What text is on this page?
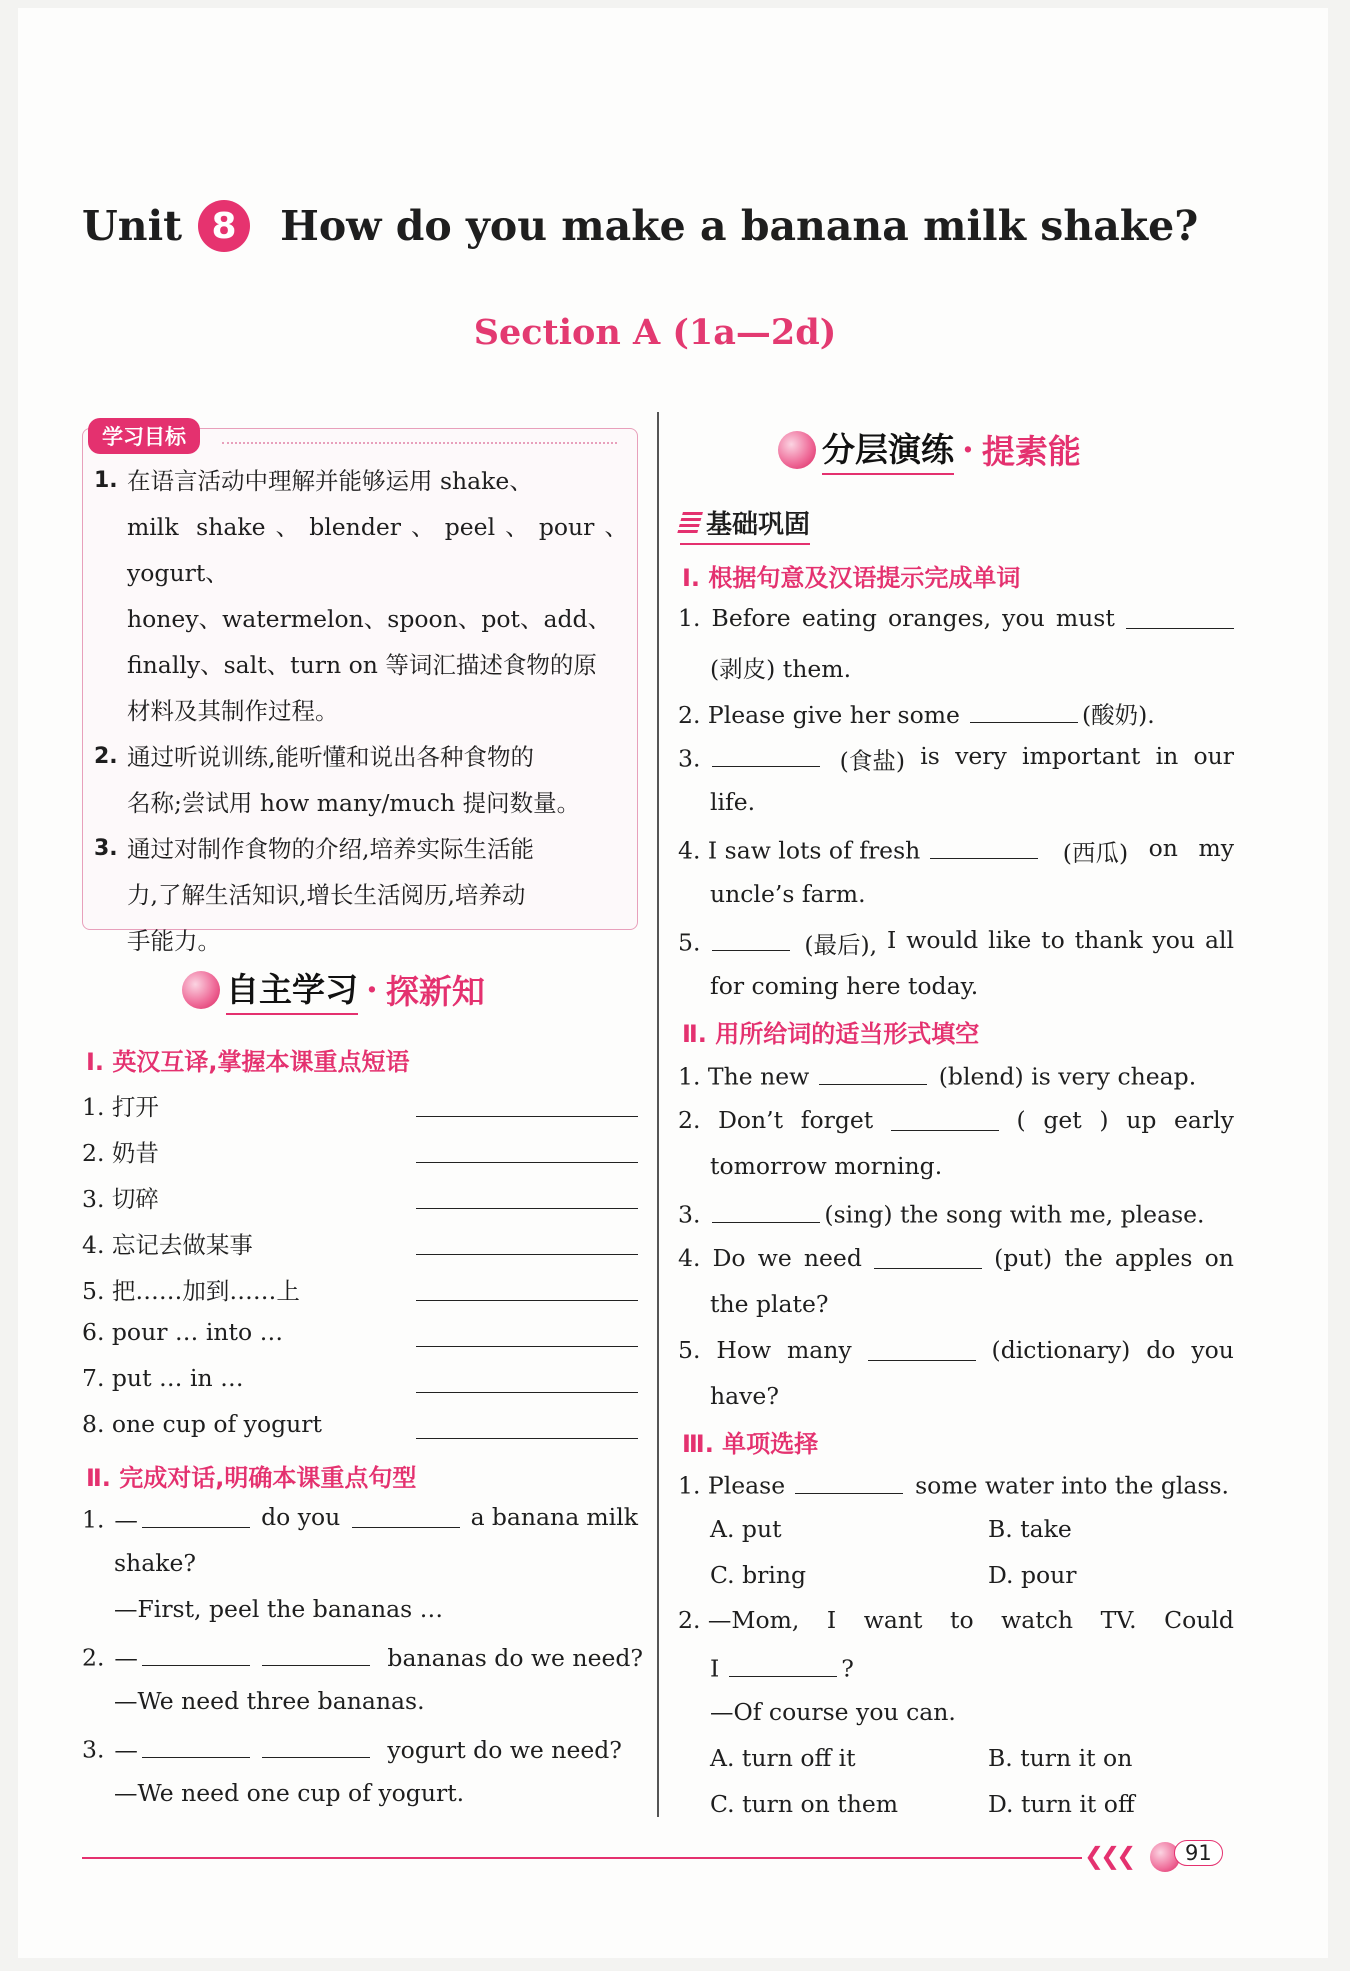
Unit 8	How do you make a banana milk shake?
Section A (1a—2d)
学习目标
1. 在语言活动中理解并能够运用 shake、
milk shake、blender、peel、pour、yogurt、
honey、watermelon、spoon、pot、add、
finally、salt、turn on 等词汇描述食物的原
材料及其制作过程。
2. 通过听说训练,能听懂和说出各种食物的
名称;尝试用 how many/much 提问数量。
3. 通过对制作食物的介绍,培养实际生活能
力,了解生活知识,增长生活阅历,培养动
手能力。
自主学习 · 探新知
Ⅰ. 英汉互译,掌握本课重点短语
1. 打开
2. 奶昔
3. 切碎
4. 忘记去做某事
5. 把……加到……上
6. pour … into …
7. put … in …
8. one cup of yogurt
Ⅱ. 完成对话,明确本课重点句型
1. —	do you	a banana milk
shake?
—First, peel the bananas …
2. —	bananas do we need?
—We need three bananas.
3. —	yogurt do we need?
—We need one cup of yogurt.
分层演练 · 提素能
基础巩固
Ⅰ. 根据句意及汉语提示完成单词
1. Before eating oranges, you must
(剥皮) them.
2. Please give her some	(酸奶).
3.	(食盐) is very important in our
life.
4. I saw lots of fresh	(西瓜) on my
uncle’s farm.
5.	(最后), I would like to thank you all
for coming here today.
Ⅱ. 用所给词的适当形式填空
1. The new	(blend) is very cheap.
2. Don’t forget	( get ) up early
tomorrow morning.
3.	(sing) the song with me, please.
4. Do we need	(put) the apples on
the plate?
5. How many	(dictionary) do you
have?
Ⅲ. 单项选择
1. Please	some water into the glass.
A. put	B. take
C. bring	D. pour
2. —Mom, I want to watch TV. Could
I	?
—Of course you can.
A. turn off it	B. turn it on
C. turn on them	D. turn it off
❮❮❮	91
